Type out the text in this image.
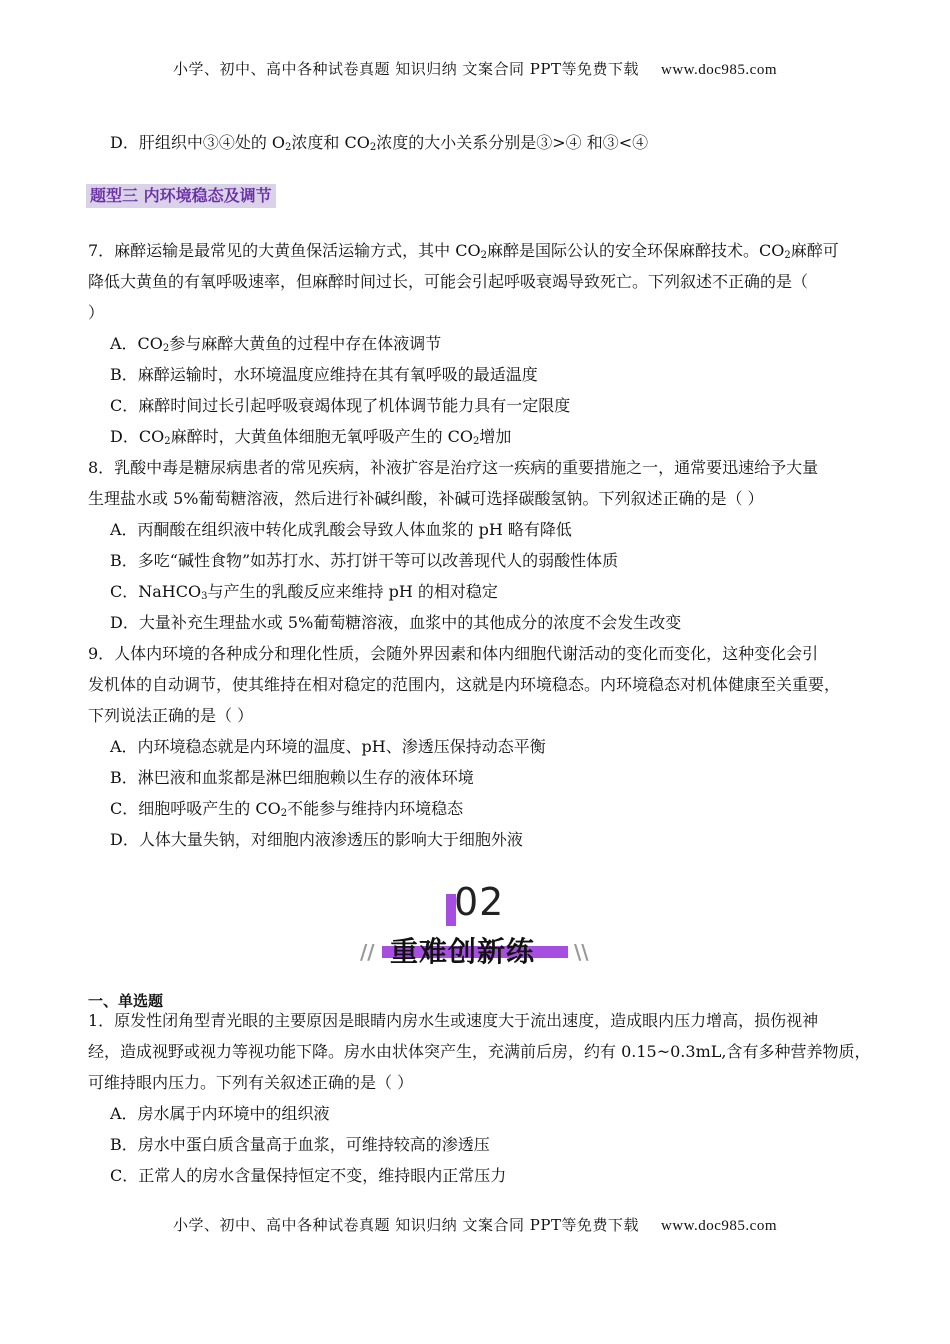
小学、初中、高中各种试卷真题 知识归纳 文案合同 PPT等免费下载 www.doc985.com
D．肝组织中③④处的 $O_2$浓度和 $CO_2$浓度的大小关系分别是③>④ 和③<④
题型三 内环境稳态及调节
7．麻醉运输是最常见的大黄鱼保活运输方式，其中 $CO_2$麻醉是国际公认的安全环保麻醉技术。$CO_2$麻醉可
降低大黄鱼的有氧呼吸速率，但麻醉时间过长，可能会引起呼吸衰竭导致死亡。下列叙述不正确的是（
）
A．$CO_2$参与麻醉大黄鱼的过程中存在体液调节
B．麻醉运输时，水环境温度应维持在其有氧呼吸的最适温度
C．麻醉时间过长引起呼吸衰竭体现了机体调节能力具有一定限度
D．$CO_2$麻醉时，大黄鱼体细胞无氧呼吸产生的 $CO_2$增加
8．乳酸中毒是糖尿病患者的常见疾病，补液扩容是治疗这一疾病的重要措施之一，通常要迅速给予大量
生理盐水或 5%葡萄糖溶液，然后进行补碱纠酸，补碱可选择碳酸氢钠。下列叙述正确的是（ ）
A．丙酮酸在组织液中转化成乳酸会导致人体血浆的 pH 略有降低
B．多吃“碱性食物”如苏打水、苏打饼干等可以改善现代人的弱酸性体质
C．NaHCO$_3$与产生的乳酸反应来维持 pH 的相对稳定
D．大量补充生理盐水或 5%葡萄糖溶液，血浆中的其他成分的浓度不会发生改变
9．人体内环境的各种成分和理化性质，会随外界因素和体内细胞代谢活动的变化而变化，这种变化会引
发机体的自动调节，使其维持在相对稳定的范围内，这就是内环境稳态。内环境稳态对机体健康至关重要，
下列说法正确的是（ ）
A．内环境稳态就是内环境的温度、pH、渗透压保持动态平衡
B．淋巴液和血浆都是淋巴细胞赖以生存的液体环境
C．细胞呼吸产生的 $CO_2$不能参与维持内环境稳态
D．人体大量失钠，对细胞内液渗透压的影响大于细胞外液
02
重难创新练
//	\\
一、单选题
1．原发性闭角型青光眼的主要原因是眼睛内房水生或速度大于流出速度，造成眼内压力增高，损伤视神
经，造成视野或视力等视功能下降。房水由状体突产生，充满前后房，约有 0.15~0.3mL,含有多种营养物质，
可维持眼内压力。下列有关叙述正确的是（ ）
A．房水属于内环境中的组织液
B．房水中蛋白质含量高于血浆，可维持较高的渗透压
C．正常人的房水含量保持恒定不变，维持眼内正常压力
小学、初中、高中各种试卷真题 知识归纳 文案合同 PPT等免费下载 www.doc985.com
